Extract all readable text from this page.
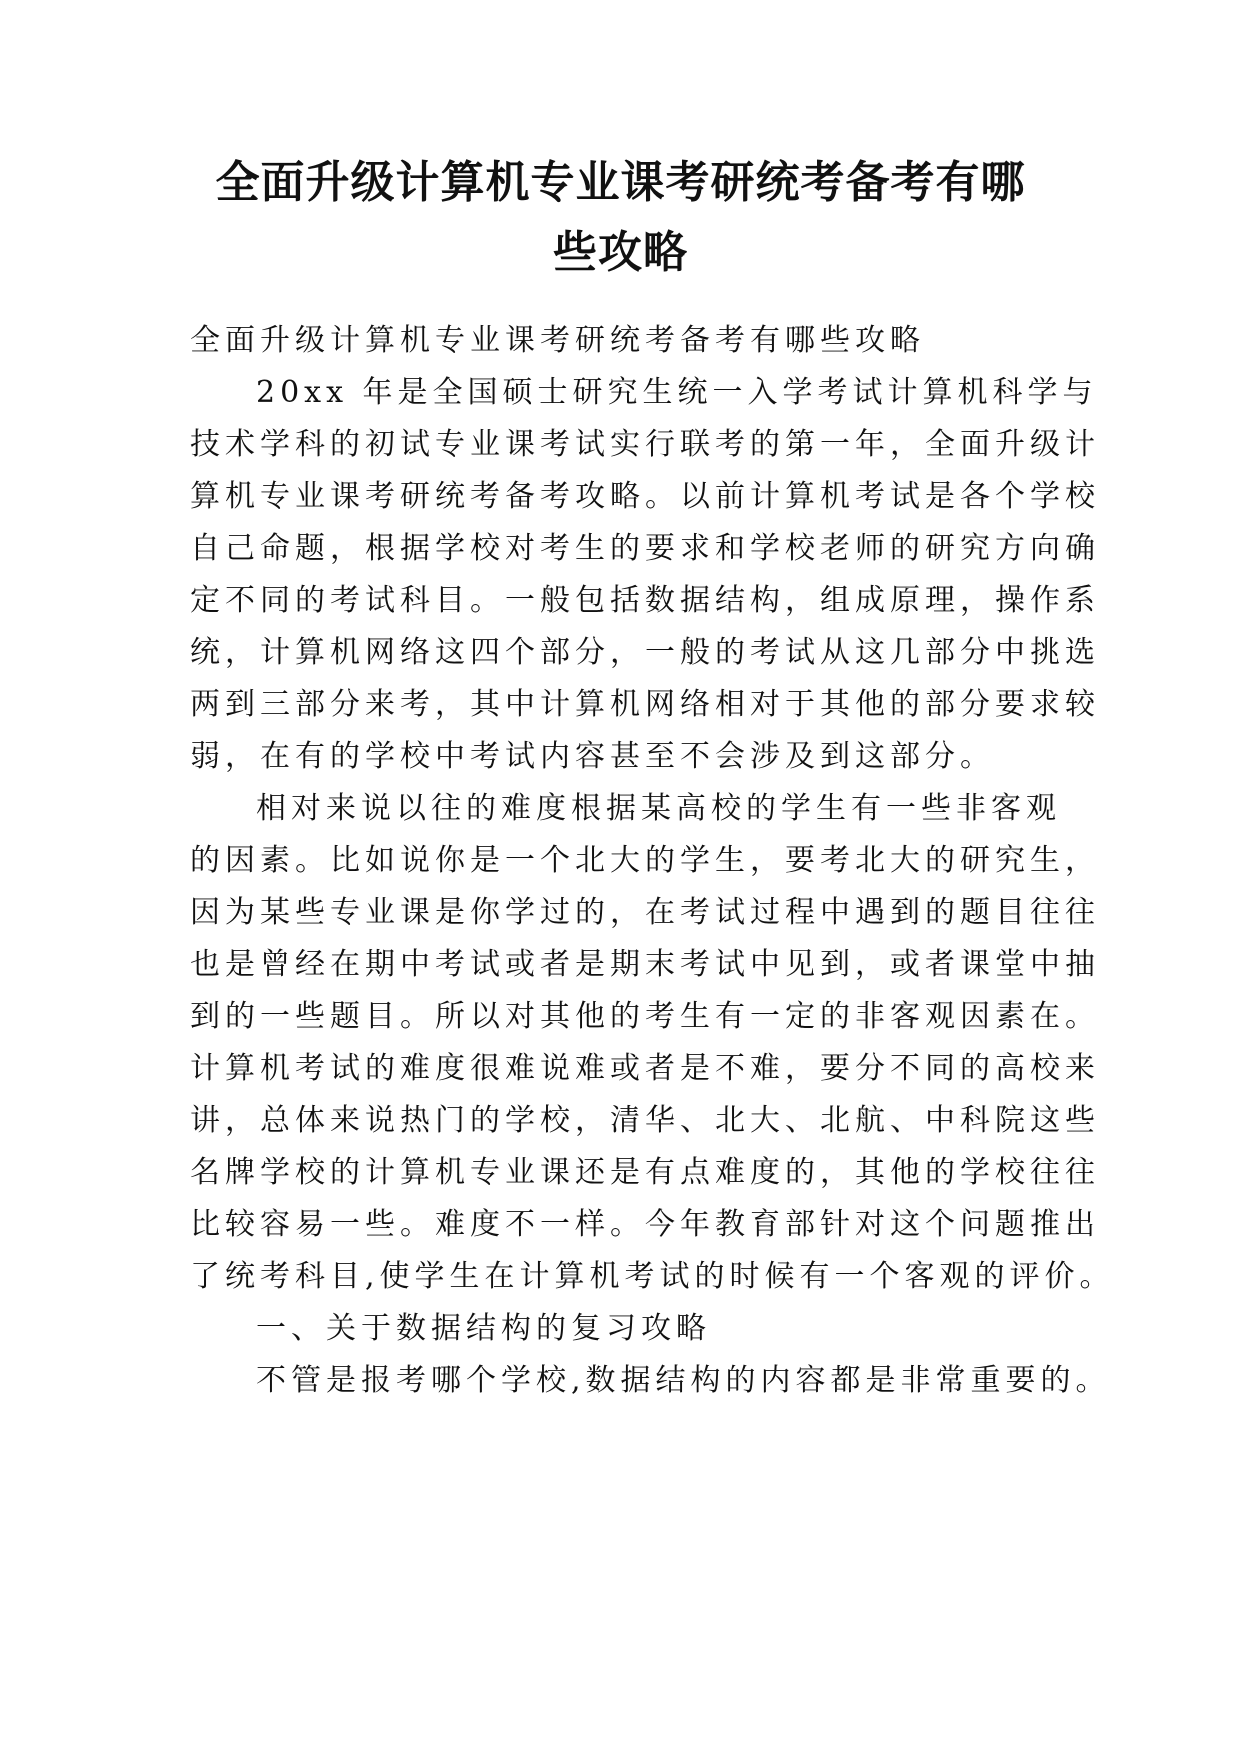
全面升级计算机专业课考研统考备考有哪
些攻略
全面升级计算机专业课考研统考备考有哪些攻略
20xx 年是全国硕士研究生统一入学考试计算机科学与
技术学科的初试专业课考试实行联考的第一年，全面升级计
算机专业课考研统考备考攻略。以前计算机考试是各个学校
自己命题，根据学校对考生的要求和学校老师的研究方向确
定不同的考试科目。一般包括数据结构，组成原理，操作系
统，计算机网络这四个部分，一般的考试从这几部分中挑选
两到三部分来考，其中计算机网络相对于其他的部分要求较
弱，在有的学校中考试内容甚至不会涉及到这部分。
相对来说以往的难度根据某高校的学生有一些非客观
的因素。比如说你是一个北大的学生，要考北大的研究生，
因为某些专业课是你学过的，在考试过程中遇到的题目往往
也是曾经在期中考试或者是期末考试中见到，或者课堂中抽
到的一些题目。所以对其他的考生有一定的非客观因素在。
计算机考试的难度很难说难或者是不难，要分不同的高校来
讲，总体来说热门的学校，清华、北大、北航、中科院这些
名牌学校的计算机专业课还是有点难度的，其他的学校往往
比较容易一些。难度不一样。今年教育部针对这个问题推出
了统考科目,使学生在计算机考试的时候有一个客观的评价。
一、关于数据结构的复习攻略
不管是报考哪个学校,数据结构的内容都是非常重要的。
